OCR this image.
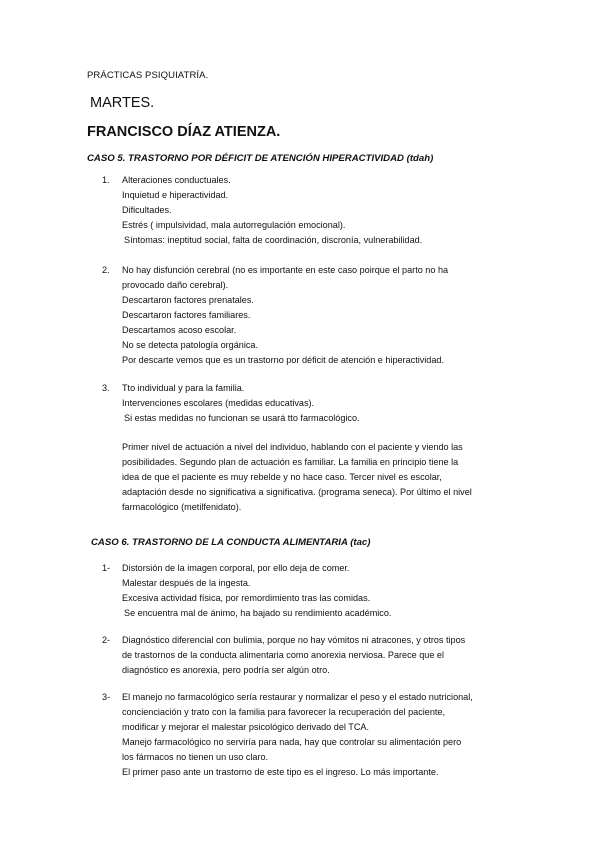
PRÁCTICAS PSIQUIATRÍA.
MARTES.
FRANCISCO DÍAZ ATIENZA.
CASO 5. TRASTORNO POR DÉFICIT DE ATENCIÓN HIPERACTIVIDAD (tdah)
1. Alteraciones conductuales.
Inquietud e hiperactividad.
Dificultades.
Estrés ( impulsividad, mala autorregulación emocional).
Síntomas: ineptitud social, falta de coordinación, discronía, vulnerabilidad.
2. No hay disfunción cerebral (no es importante en este caso poirque el parto no ha
provocado daño cerebral).
Descartaron factores prenatales.
Descartaron factores familiares.
Descartamos acoso escolar.
No se detecta patología orgánica.
Por descarte vemos que es un trastorno por déficit de atención e hiperactividad.
3. Tto individual y para la familia.
Intervenciones escolares (medidas educativas).
Si estas medidas no funcionan se usará tto farmacológico.
Primer nivel de actuación a nivel del individuo, hablando con el paciente y viendo las
posibilidades. Segundo plan de actuación es familiar. La familia en principio tiene la
idea de que el paciente es muy rebelde y no hace caso. Tercer nivel es escolar,
adaptación desde no significativa a significativa. (programa seneca). Por último el nivel
farmacológico (metilfenidato).
CASO 6. TRASTORNO DE LA CONDUCTA ALIMENTARIA (tac)
1- Distorsión de la imagen corporal, por ello deja de comer.
Malestar después de la ingesta.
Excesiva actividad física, por remordimiento tras las comidas.
Se encuentra mal de ánimo, ha bajado su rendimiento académico.
2- Diagnóstico diferencial con bulimia, porque no hay vómitos ni atracones, y otros tipos
de trastornos de la conducta alimentaria como anorexia nerviosa. Parece que el
diagnóstico es anorexia, pero podría ser algún otro.
3- El manejo no farmacológico sería restaurar y normalizar el peso y el estado nutricional,
concienciación y trato con la familia para favorecer la recuperación del paciente,
modificar y mejorar el malestar psicológico derivado del TCA.
Manejo farmacológico no serviría para nada, hay que controlar su alimentación pero
los fármacos no tienen un uso claro.
El primer paso ante un trastorno de este tipo es el ingreso. Lo más importante.
